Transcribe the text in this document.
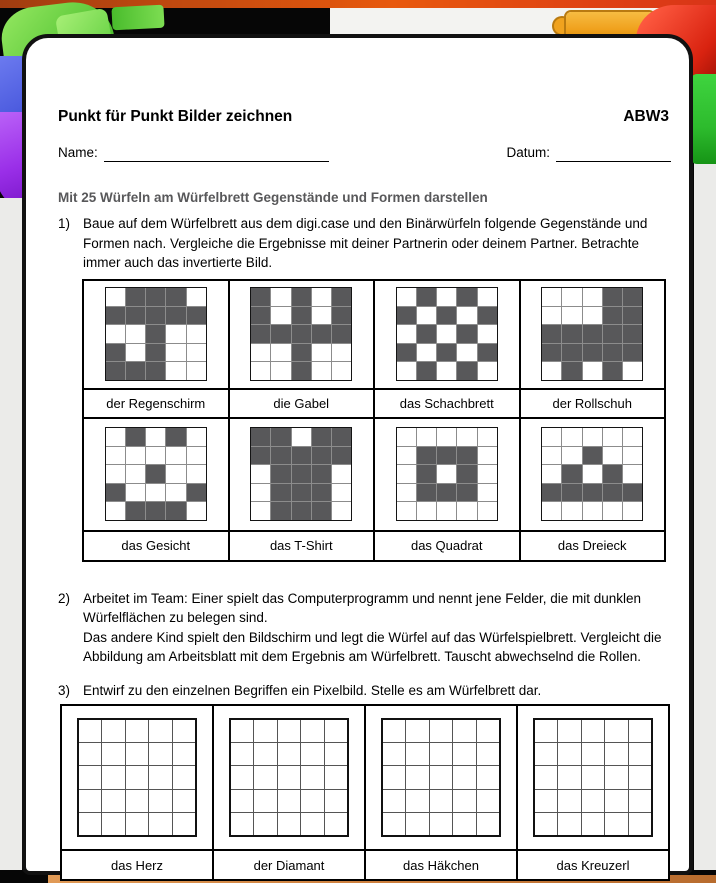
Punkt für Punkt Bilder zeichnen	ABW3
Name:	Datum:
Mit 25 Würfeln am Würfelbrett Gegenstände und Formen darstellen
1) Baue auf dem Würfelbrett aus dem digi.case und den Binärwürfeln folgende Gegenstände und Formen nach. Vergleiche die Ergebnisse mit deiner Partnerin oder deinem Partner. Betrachte immer auch das invertierte Bild.
der Regenschirm	die Gabel	das Schachbrett	der Rollschuh
das Gesicht	das T-Shirt	das Quadrat	das Dreieck
2) Arbeitet im Team: Einer spielt das Computerprogramm und nennt jene Felder, die mit dunklen Würfelflächen zu belegen sind.

Das andere Kind spielt den Bildschirm und legt die Würfel auf das Würfelspielbrett. Vergleicht die Abbildung am Arbeitsblatt mit dem Ergebnis am Würfelbrett. Tauscht abwechselnd die Rollen.

3) Entwirf zu den einzelnen Begriffen ein Pixelbild. Stelle es am Würfelbrett dar.
das Herz	der Diamant	das Häkchen	das Kreuzerl
